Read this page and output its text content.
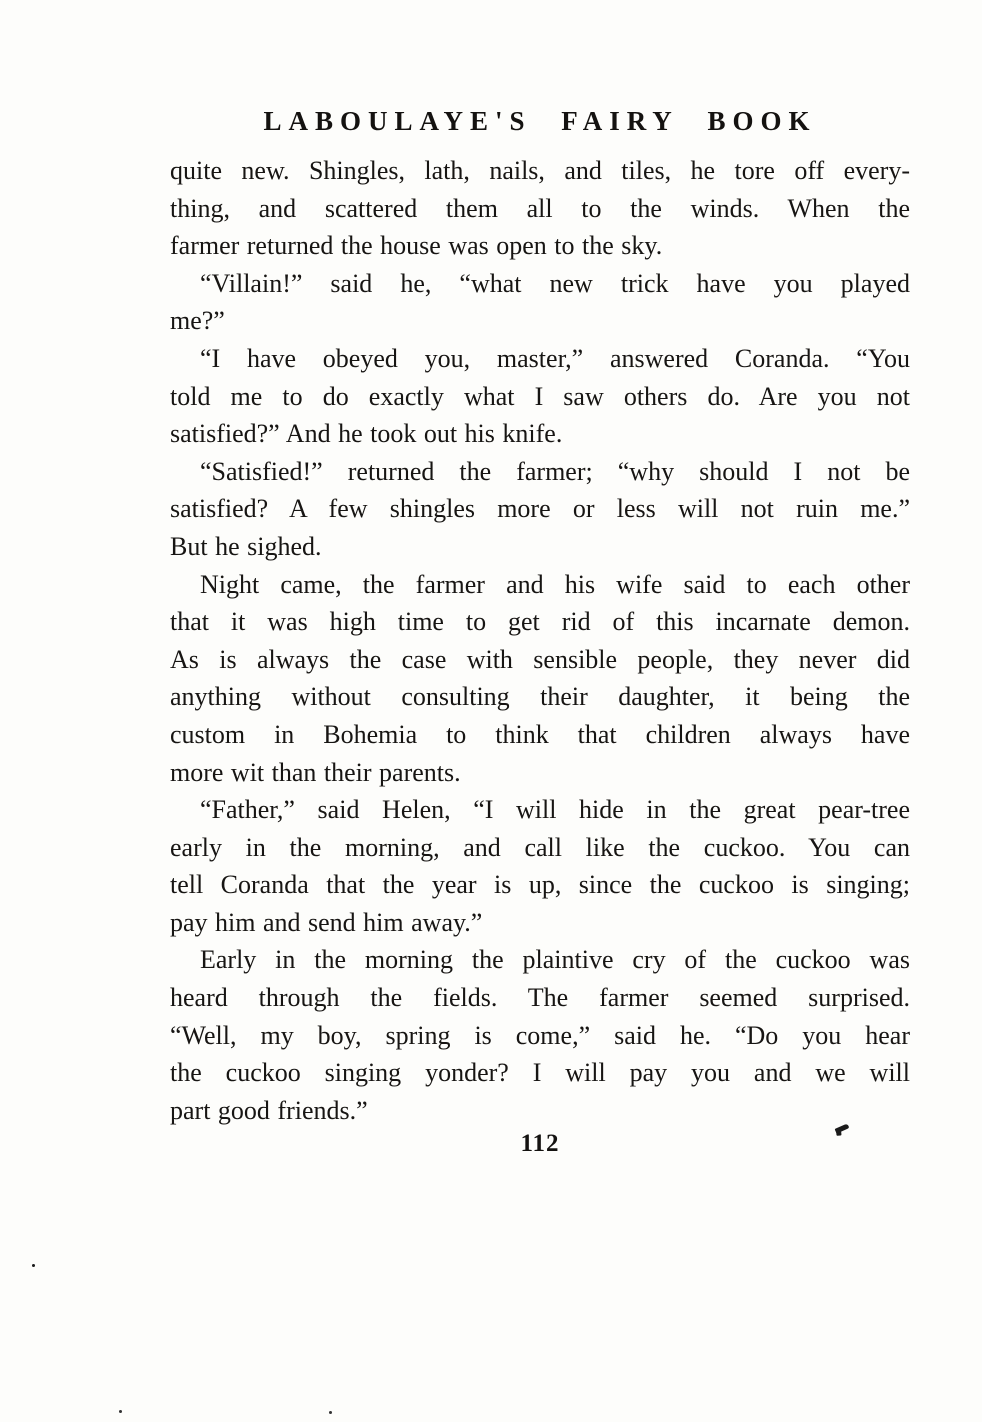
LABOULAYE'S FAIRY BOOK
quite new. Shingles, lath, nails, and tiles, he tore off every-
thing, and scattered them all to the winds. When the
farmer returned the house was open to the sky.
“Villain!” said he, “what new trick have you played
me?”
“I have obeyed you, master,” answered Coranda. “You
told me to do exactly what I saw others do. Are you not
satisfied?” And he took out his knife.
“Satisfied!” returned the farmer; “why should I not be
satisfied? A few shingles more or less will not ruin me.”
But he sighed.
Night came, the farmer and his wife said to each other
that it was high time to get rid of this incarnate demon.
As is always the case with sensible people, they never did
anything without consulting their daughter, it being the
custom in Bohemia to think that children always have
more wit than their parents.
“Father,” said Helen, “I will hide in the great pear-tree
early in the morning, and call like the cuckoo. You can
tell Coranda that the year is up, since the cuckoo is singing;
pay him and send him away.”
Early in the morning the plaintive cry of the cuckoo was
heard through the fields. The farmer seemed surprised.
“Well, my boy, spring is come,” said he. “Do you hear
the cuckoo singing yonder? I will pay you and we will
part good friends.”
112
